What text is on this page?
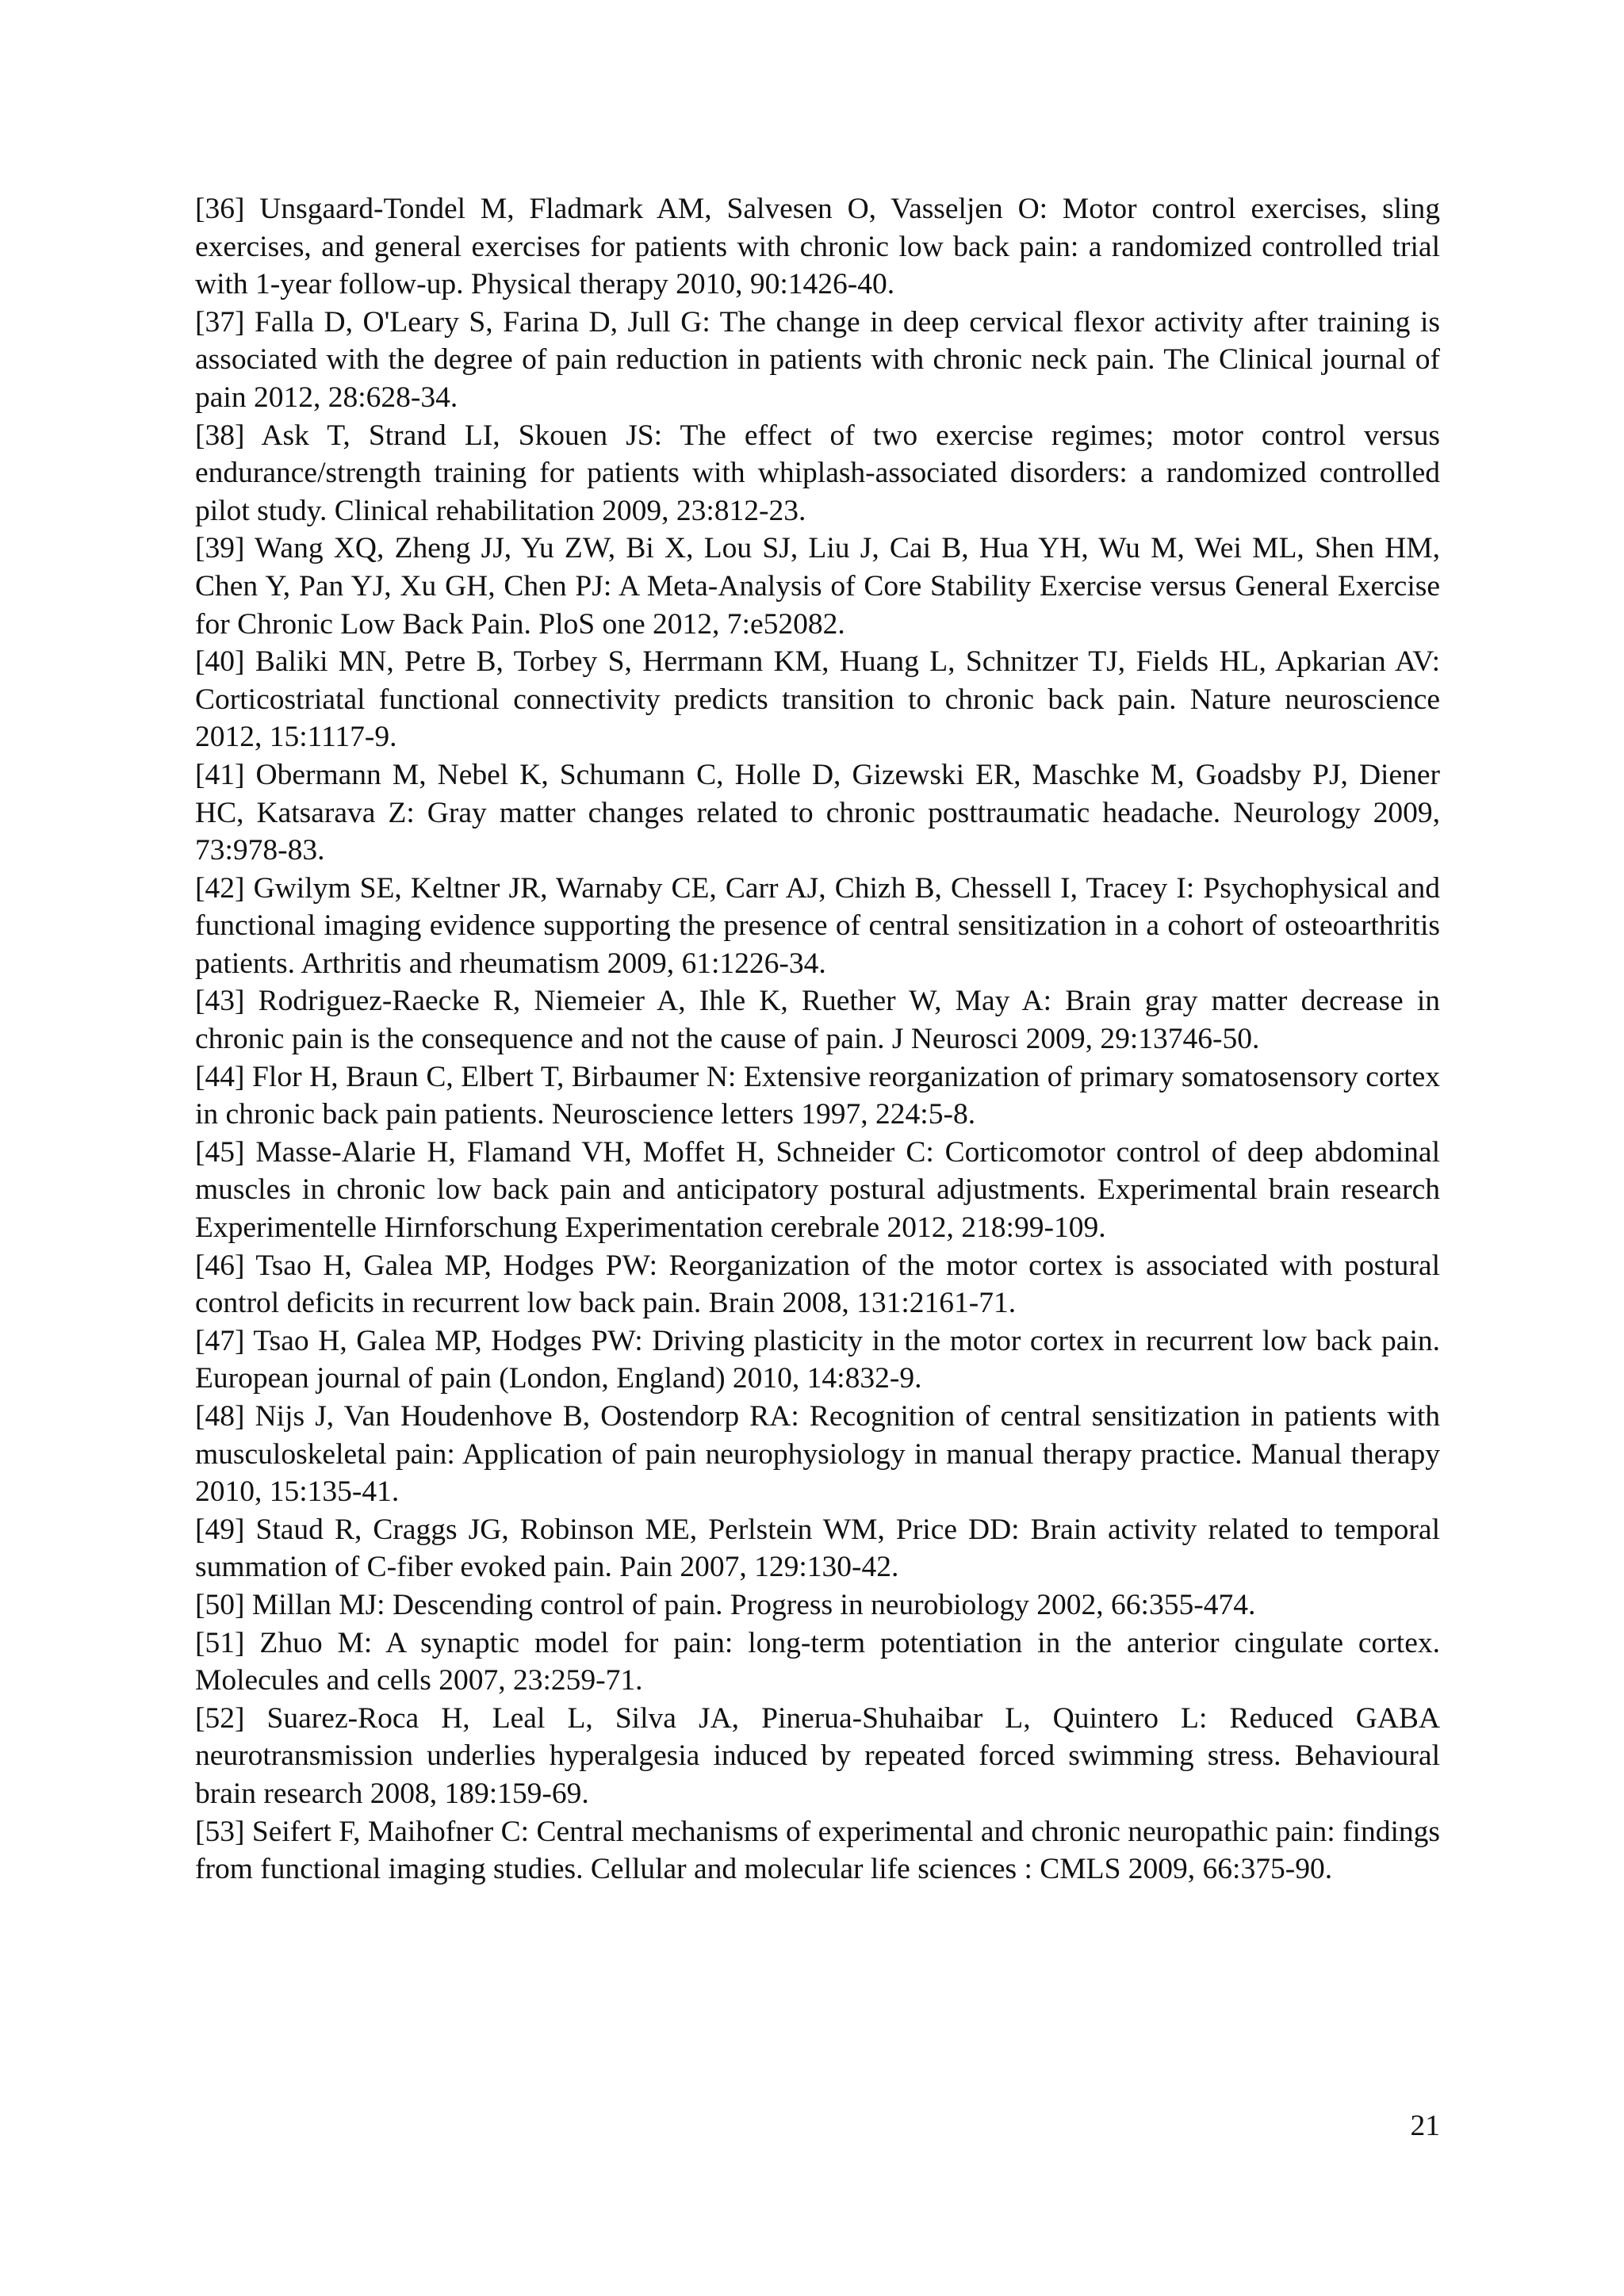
[36] Unsgaard-Tondel M, Fladmark AM, Salvesen O, Vasseljen O: Motor control exercises, sling exercises, and general exercises for patients with chronic low back pain: a randomized controlled trial with 1-year follow-up. Physical therapy 2010, 90:1426-40.
[37] Falla D, O'Leary S, Farina D, Jull G: The change in deep cervical flexor activity after training is associated with the degree of pain reduction in patients with chronic neck pain. The Clinical journal of pain 2012, 28:628-34.
[38] Ask T, Strand LI, Skouen JS: The effect of two exercise regimes; motor control versus endurance/strength training for patients with whiplash-associated disorders: a randomized controlled pilot study. Clinical rehabilitation 2009, 23:812-23.
[39] Wang XQ, Zheng JJ, Yu ZW, Bi X, Lou SJ, Liu J, Cai B, Hua YH, Wu M, Wei ML, Shen HM, Chen Y, Pan YJ, Xu GH, Chen PJ: A Meta-Analysis of Core Stability Exercise versus General Exercise for Chronic Low Back Pain. PloS one 2012, 7:e52082.
[40] Baliki MN, Petre B, Torbey S, Herrmann KM, Huang L, Schnitzer TJ, Fields HL, Apkarian AV: Corticostriatal functional connectivity predicts transition to chronic back pain. Nature neuroscience 2012, 15:1117-9.
[41] Obermann M, Nebel K, Schumann C, Holle D, Gizewski ER, Maschke M, Goadsby PJ, Diener HC, Katsarava Z: Gray matter changes related to chronic posttraumatic headache. Neurology 2009, 73:978-83.
[42] Gwilym SE, Keltner JR, Warnaby CE, Carr AJ, Chizh B, Chessell I, Tracey I: Psychophysical and functional imaging evidence supporting the presence of central sensitization in a cohort of osteoarthritis patients. Arthritis and rheumatism 2009, 61:1226-34.
[43] Rodriguez-Raecke R, Niemeier A, Ihle K, Ruether W, May A: Brain gray matter decrease in chronic pain is the consequence and not the cause of pain. J Neurosci 2009, 29:13746-50.
[44] Flor H, Braun C, Elbert T, Birbaumer N: Extensive reorganization of primary somatosensory cortex in chronic back pain patients. Neuroscience letters 1997, 224:5-8.
[45] Masse-Alarie H, Flamand VH, Moffet H, Schneider C: Corticomotor control of deep abdominal muscles in chronic low back pain and anticipatory postural adjustments. Experimental brain research Experimentelle Hirnforschung Experimentation cerebrale 2012, 218:99-109.
[46] Tsao H, Galea MP, Hodges PW: Reorganization of the motor cortex is associated with postural control deficits in recurrent low back pain. Brain 2008, 131:2161-71.
[47] Tsao H, Galea MP, Hodges PW: Driving plasticity in the motor cortex in recurrent low back pain. European journal of pain (London, England) 2010, 14:832-9.
[48] Nijs J, Van Houdenhove B, Oostendorp RA: Recognition of central sensitization in patients with musculoskeletal pain: Application of pain neurophysiology in manual therapy practice. Manual therapy 2010, 15:135-41.
[49] Staud R, Craggs JG, Robinson ME, Perlstein WM, Price DD: Brain activity related to temporal summation of C-fiber evoked pain. Pain 2007, 129:130-42.
[50] Millan MJ: Descending control of pain. Progress in neurobiology 2002, 66:355-474.
[51] Zhuo M: A synaptic model for pain: long-term potentiation in the anterior cingulate cortex. Molecules and cells 2007, 23:259-71.
[52] Suarez-Roca H, Leal L, Silva JA, Pinerua-Shuhaibar L, Quintero L: Reduced GABA neurotransmission underlies hyperalgesia induced by repeated forced swimming stress. Behavioural brain research 2008, 189:159-69.
[53] Seifert F, Maihofner C: Central mechanisms of experimental and chronic neuropathic pain: findings from functional imaging studies. Cellular and molecular life sciences : CMLS 2009, 66:375-90.
21
